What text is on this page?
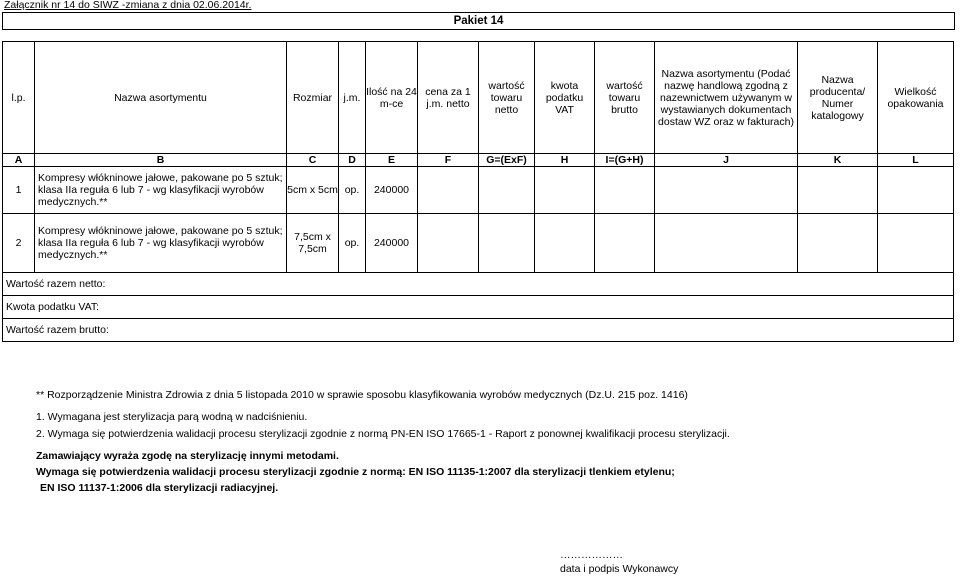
Załącznik nr 14 do SIWZ -zmiana z dnia 02.06.2014r.
Pakiet 14
l.p.	Nazwa asortymentu	Rozmiar	j.m.	Ilość na 24 m-ce	cena za 1 j.m. netto	wartość towaru netto	kwota podatku VAT	wartość towaru brutto	Nazwa asortymentu (Podać nazwę handlową zgodną z nazewnictwem używanym w wystawianych dokumentach dostaw WZ oraz w fakturach)	Nazwa producenta/ Numer katalogowy	Wielkość opakowania
A	B	C	D	E	F	G=(ExF)	H	I=(G+H)	J	K	L
1	Kompresy włókninowe jałowe, pakowane po 5 sztuk; klasa IIa reguła 6 lub 7 - wg klasyfikacji wyrobów medycznych.**	5cm x 5cm	op.	240000							
2	Kompresy włókninowe jałowe, pakowane po 5 sztuk; klasa IIa reguła 6 lub 7 - wg klasyfikacji wyrobów medycznych.**	7,5cm x 7,5cm	op.	240000							
Wartość razem netto:											
Kwota podatku VAT:											
Wartość razem brutto:											
** Rozporządzenie Ministra Zdrowia z dnia 5 listopada 2010 w sprawie sposobu klasyfikowania wyrobów medycznych (Dz.U. 215 poz. 1416)
1. Wymagana jest sterylizacja parą wodną w nadciśnieniu.
2. Wymaga się potwierdzenia walidacji procesu sterylizacji zgodnie z normą PN-EN ISO 17665-1 - Raport z ponownej kwalifikacji procesu sterylizacji.
Zamawiający wyraża zgodę na sterylizację innymi metodami.
Wymaga się potwierdzenia walidacji procesu sterylizacji zgodnie z normą: EN ISO 11135-1:2007 dla sterylizacji tlenkiem etylenu;
EN ISO 11137-1:2006 dla sterylizacji radiacyjnej.
………………
data i podpis Wykonawcy
